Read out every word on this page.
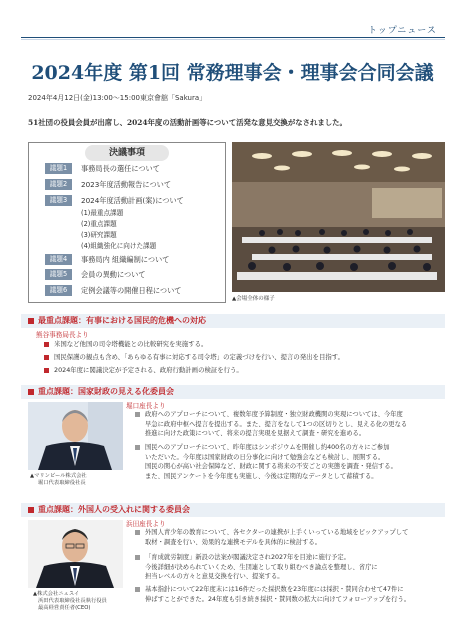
トップニュース
2024年度 第1回 常務理事会・理事会合同会議
2024年4月12日(金)13:00～15:00東京會舘「Sakura」
51社団の役員会員が出席し、2024年度の活動計画等について活発な意見交換がなされました。
決議事項
議題1	事務局長の選任について
議題2	2023年度活動報告について
議題3	2024年度活動計画(案)について
(1)最重点課題
(2)重点課題
(3)研究課題
(4)組織強化に向けた課題
議題4	事務局内 組織編制について
議題5	会員の異動について
議題6	定例会議等の開催日程について
▲会場全体の様子
最重点課題：有事における国民的危機への対応
熊谷事務局長より
米国など他国の司令塔機能との比較研究を実施する。
国民保護の観点も含め、「あらゆる有事に対応する司令塔」の定義づけを行い、提言の発出を目指す。
2024年度に閣議決定が予定される、政府行動計画の検証を行う。
重点課題：国家財政の見える化委員会
堀口座長より
▲マリンピール株式会社
堀口代表取締役社長
政府へのアプローチについて、複数年度予算制度・独立財政機関の実現については、今年度
早急に政府中枢へ提言を提出する。また、提言をなして1つの区切りとし、見える化の更なる
推進に向けた政策について、将来の提言実現を見据えて調査・研究を進める。
国民へのアプローチについて、昨年度はシンポジウムを開催し約400名の方々にご参加
いただいた。今年度は国家財政の日分事化に向けて勉強会なども検討し、展開する。
国民の関心が高い社会保障など、財政に関する将来の不安ごとの実態を調査・発信する。
また、国民アンケートを今年度も実施し、今後は定期的なデータとして蓄積する。
重点課題：外国人の受入れに関する委員会
浜田座長より
▲株式会社ニュスイ
浜田代表取締役社長執行役員
最高経営責任者(CEO)
外国人青少年の教育について、各セクターの連携が上手くいっている地域をピックアップして
取材・調査を行い、効果的な連携モデルを具体的に検討する。
「育成就労制度」新設の法案が閣議決定され2027年を目途に施行予定。
今後詳細が決められていくため、生団連として取り組むべき論点を整理し、省庁に
担当レベルの方々と意見交換を行い、提案する。
基本指針について22年度末には16件だった採択数を23年度には採択・賛同合わせて47件に
伸ばすことができた。24年度も引き続き採択・賛同数の拡大に向けてフォローアップを行う。
